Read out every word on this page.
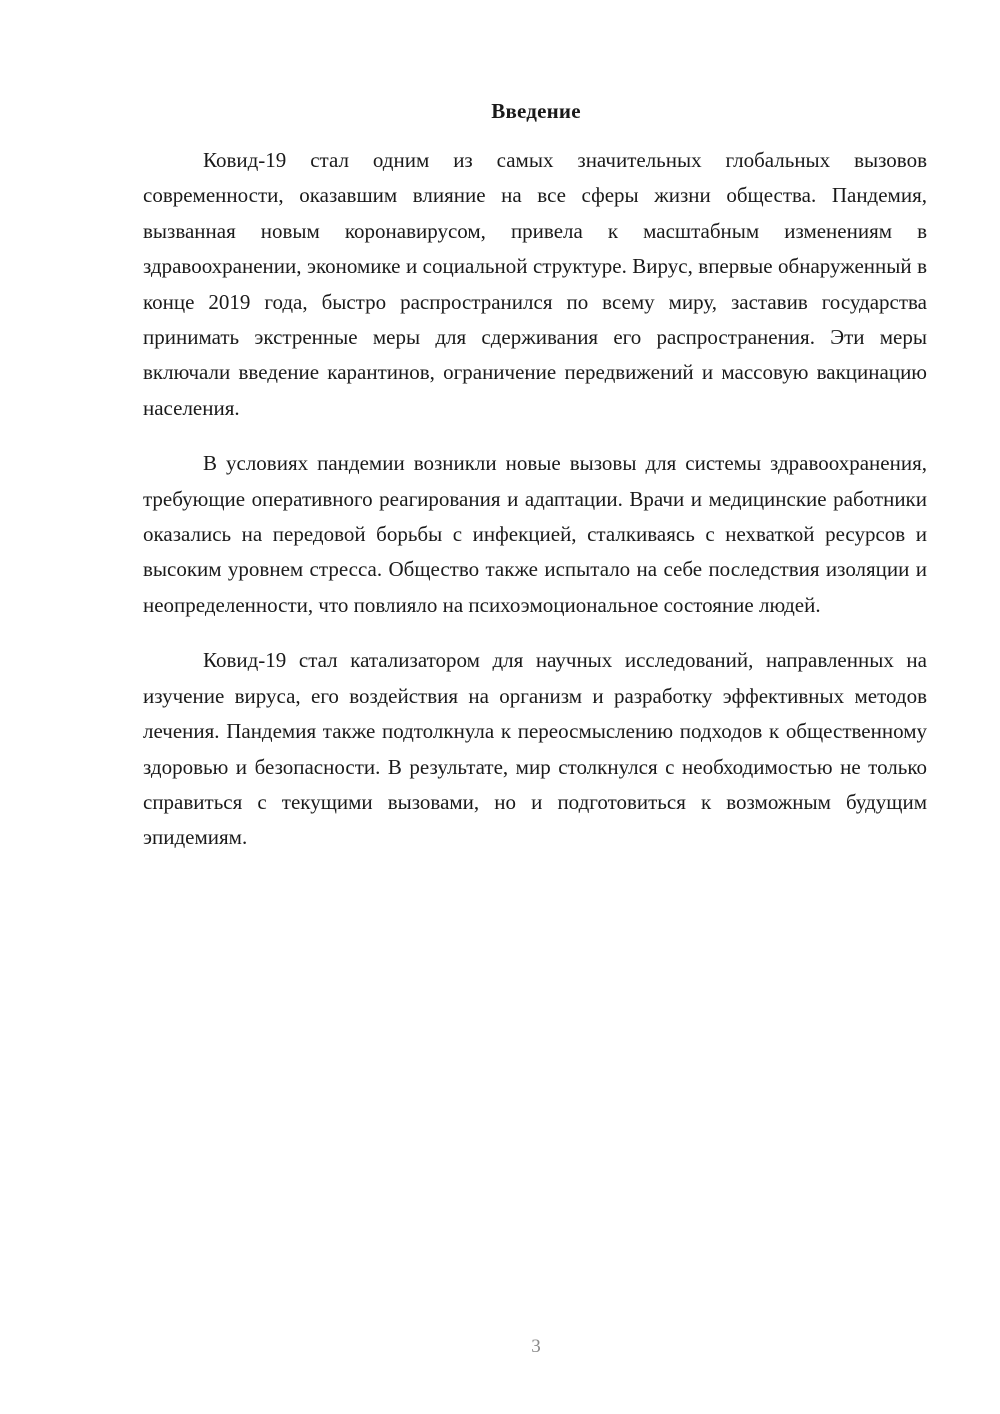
Введение

Ковид-19 стал одним из самых значительных глобальных вызовов современности, оказавшим влияние на все сферы жизни общества. Пандемия, вызванная новым коронавирусом, привела к масштабным изменениям в здравоохранении, экономике и социальной структуре. Вирус, впервые обнаруженный в конце 2019 года, быстро распространился по всему миру, заставив государства принимать экстренные меры для сдерживания его распространения. Эти меры включали введение карантинов, ограничение передвижений и массовую вакцинацию населения.

В условиях пандемии возникли новые вызовы для системы здравоохранения, требующие оперативного реагирования и адаптации. Врачи и медицинские работники оказались на передовой борьбы с инфекцией, сталкиваясь с нехваткой ресурсов и высоким уровнем стресса. Общество также испытало на себе последствия изоляции и неопределенности, что повлияло на психоэмоциональное состояние людей.

Ковид-19 стал катализатором для научных исследований, направленных на изучение вируса, его воздействия на организм и разработку эффективных методов лечения. Пандемия также подтолкнула к переосмыслению подходов к общественному здоровью и безопасности. В результате, мир столкнулся с необходимостью не только справиться с текущими вызовами, но и подготовиться к возможным будущим эпидемиям.

3
